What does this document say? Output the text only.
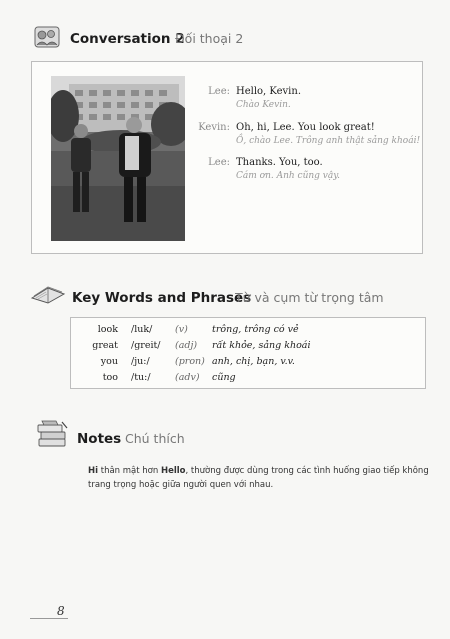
Conversation 2
Đối thoại 2
Lee: Hello, Kevin.
Chào Kevin.
Kevin: Oh, hi, Lee. You look great!
Ồ, chào Lee. Trông anh thật sảng khoái!
Lee: Thanks. You, too.
Cám ơn. Anh cũng vậy.
Key Words and Phrases
Từ và cụm từ trọng tâm
look /luk/ (v)	trông, trông có vẻ
great /greit/ (adj) rất khỏe, sảng khoái
you /ju:/	(pron) anh, chị, bạn, v.v.
too /tu:/	(adv) cũng
Notes Chú thích
Hi thân mật hơn Hello, thường được dùng trong các tình huống giao tiếp không
trang trọng hoặc giữa người quen với nhau.
8
